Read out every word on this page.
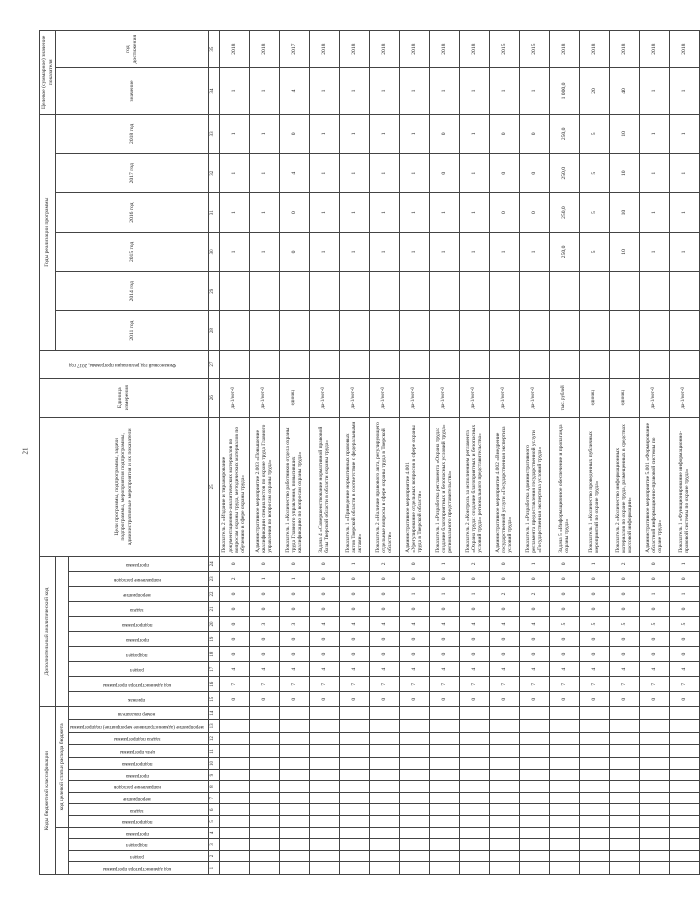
21
Коды бюджетной классификации														Дополнительный аналитический код										Цели программы, подпрограммы, задачи подпрограммы, мероприятия подпрограммы, административные мероприятия и их показатели	Единица измерения	Финансовый год реализации программы, 2017 год	Годы реализации программы						Целевое (суммарное) значение показателя	
				код целевой статьи расхода бюджета																							2011 год	2014 год	2015 год	2016 год	2017 год	2018 год	значение	год достижения
код администратора программы	раздел	подраздел	программа	подпрограмма	задача	мероприятие	направление расходов	программа	подпрограмма	цель программы	задача подпрограммы	мероприятие (административное мероприятие) подпрограммы	номер показателя	признак	код администратора программы	раздел	подраздел	программа	подпрограмма	задача	мероприятие	направление расходов	программа											
1	2	3	4	5	6	7	8	9	10	11	12	13	14	15	16	17	18	19	20	21	22	23	24	25	26	27	28	29	30	31	32	33	34	35
														0	7	4	0	0	0	0	0	2	0	Показатель 2 «Издание и тиражирование документационно-аналитических материалов по вопросам охраны труда, методических материалов по обучению в сфере охраны труда»	да-1/нет-0				1	1	1	1	1	2018
														0	7	4	0	0	3	0	0	1	0	Административное мероприятие 2.003 «Повышение квалификации специалистов по охране труда Главного управления по вопросам охраны труда»	да-1/нет-0				1	1	1	1	1	2018
														0	7	4	0	0	3	0	0	1	0	Показатель 1 «Количество работников отдела охраны труда Главного управления, повысивших квалификацию по вопросам охраны труда»	единиц				0	0	4	0	4	2017
														0	7	4	0	0	4	0	0	0	0	Задача 4 «Совершенствование нормативной правовой базы Тверской области в области охраны труда»	да-1/нет-0				1	1	1	1	1	2018
														0	7	4	0	0	4	0	0	0	1	Показатель 1 «Приведение нормативных правовых актов Тверской области в соответствие с федеральными актами»	да-1/нет-0				1	1	1	1	1	2018
														0	7	4	0	0	4	0	0	0	2	Показатель 2 «Наличие правового акта, регулирующего отдельные вопросы в сфере охраны труда в Тверской области»	да-1/нет-0				1	1	1	1	1	2018
														0	7	4	0	0	4	0	1	0	0	Административное мероприятие 4.001 «Урегулирование отдельных вопросов в сфере охраны труда в Тверской области»	да-1/нет-0				1	1	1	1	1	2018
														0	7	4	0	0	4	0	1	0	1	Показатель 1 «Разработка регламента «Охрана труда: создание благоприятных и безопасных условий труда» регионального представительства»	да-1/нет-0				1	1	0	0	1	2018
														0	7	4	0	0	4	0	1	0	2	Показатель 2 «Контроль за исполнением регламента «Охрана труда: создание благоприятных и безопасных условий труда» регионального представительства»	да-1/нет-0				1	1	1	1	1	2018
														0	7	4	0	0	4	0	2	0	0	Административное мероприятие 4.002 «Внедрение государственной услуги «Государственная экспертиза условий труда»	да-1/нет-0				1	0	0	0	1	2015
														0	7	4	0	0	4	0	2	0	1	Показатель 1 «Разработка административного регламента предоставления государственной услуги «Государственная экспертиза условий труда»	да-1/нет-0				1	0	0	0	1	2015
														0	7	4	0	0	5	0	0	0	0	Задача 5 «Информационное обеспечение и пропаганда охраны труда»	тыс. рублей				250,0	250,0	250,0	250,0	1 000,0	2018
														0	7	4	0	0	5	0	0	0	1	Показатель 1 «Количество проведенных публичных мероприятий по охране труда»	единиц				5	5	5	5	20	2018
														0	7	4	0	0	5	0	0	0	2	Показатель 2 «Количество информационных материалов по охране труда, размещенных в средствах массовой информации»	единиц				10	10	10	10	40	2018
														0	7	4	0	0	5	0	1	0	0	Административное мероприятие 5.001 «Формирование областной информационно-правовой системы по охране труда»	да-1/нет-0				1	1	1	1	1	2018
														0	7	4	0	0	5	0	1	0	1	Показатель 1 «Функционирование информационно-правовой системы по охране труда»	да-1/нет-0				1	1	1	1	1	2018
